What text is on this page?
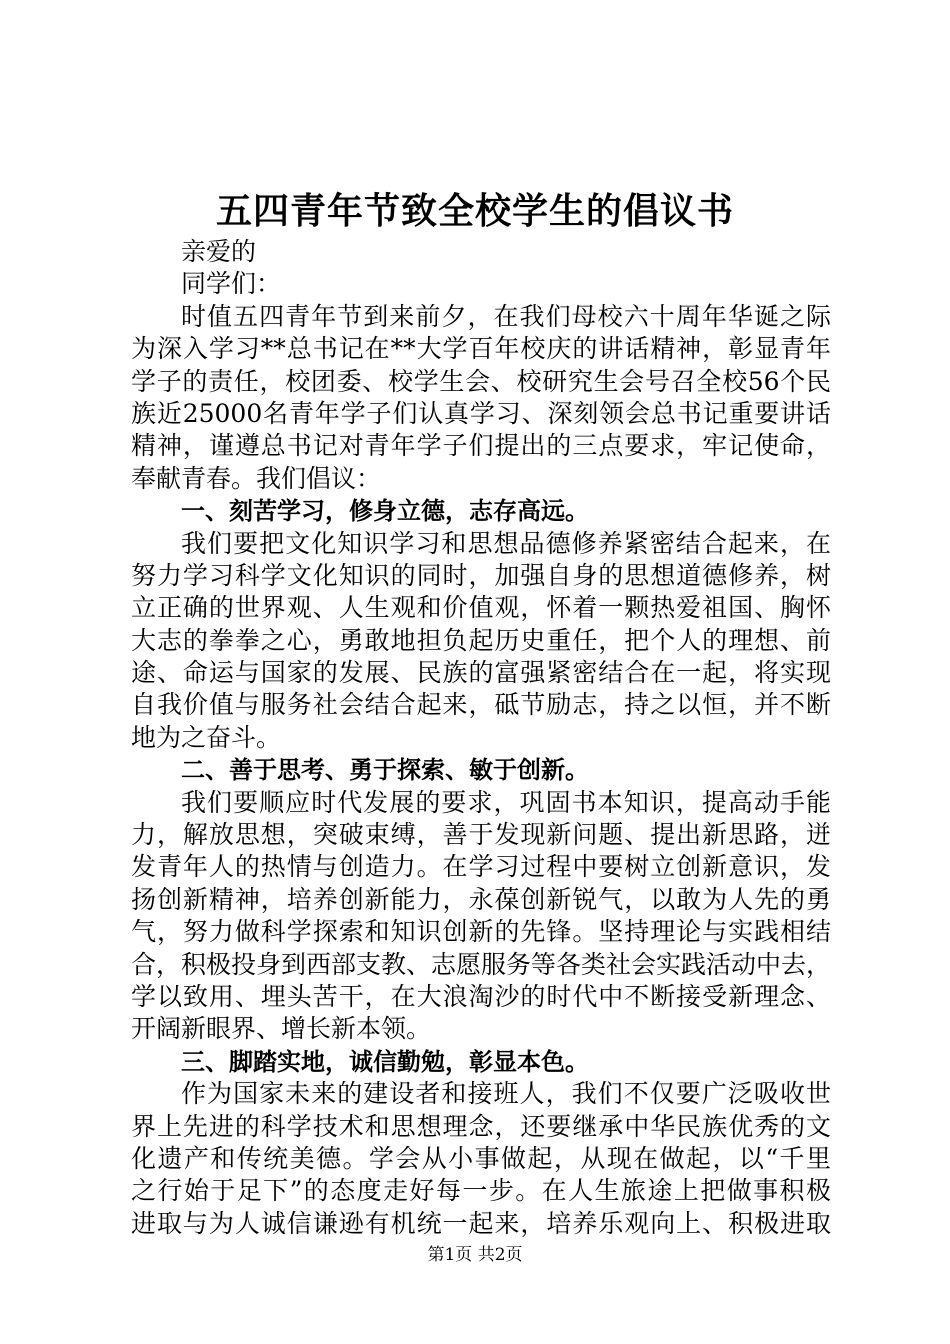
五四青年节致全校学生的倡议书
亲爱的
同学们：
时值五四青年节到来前夕，在我们母校六十周年华诞之际
为深入学习**总书记在**大学百年校庆的讲话精神，彰显青年
学子的责任，校团委、校学生会、校研究生会号召全校56个民
族近25000名青年学子们认真学习、深刻领会总书记重要讲话
精神，谨遵总书记对青年学子们提出的三点要求，牢记使命，
奉献青春。我们倡议：
一、刻苦学习，修身立德，志存高远。
我们要把文化知识学习和思想品德修养紧密结合起来，在
努力学习科学文化知识的同时，加强自身的思想道德修养，树
立正确的世界观、人生观和价值观，怀着一颗热爱祖国、胸怀
大志的拳拳之心，勇敢地担负起历史重任，把个人的理想、前
途、命运与国家的发展、民族的富强紧密结合在一起，将实现
自我价值与服务社会结合起来，砥节励志，持之以恒，并不断
地为之奋斗。
二、善于思考、勇于探索、敏于创新。
我们要顺应时代发展的要求，巩固书本知识，提高动手能
力，解放思想，突破束缚，善于发现新问题、提出新思路，迸
发青年人的热情与创造力。在学习过程中要树立创新意识，发
扬创新精神，培养创新能力，永葆创新锐气，以敢为人先的勇
气，努力做科学探索和知识创新的先锋。坚持理论与实践相结
合，积极投身到西部支教、志愿服务等各类社会实践活动中去，
学以致用、埋头苦干，在大浪淘沙的时代中不断接受新理念、
开阔新眼界、增长新本领。
三、脚踏实地，诚信勤勉，彰显本色。
作为国家未来的建设者和接班人，我们不仅要广泛吸收世
界上先进的科学技术和思想理念，还要继承中华民族优秀的文
化遗产和传统美德。学会从小事做起，从现在做起，以“千里
之行始于足下”的态度走好每一步。在人生旅途上把做事积极
进取与为人诚信谦逊有机统一起来，培养乐观向上、积极进取
第1页 共2页
